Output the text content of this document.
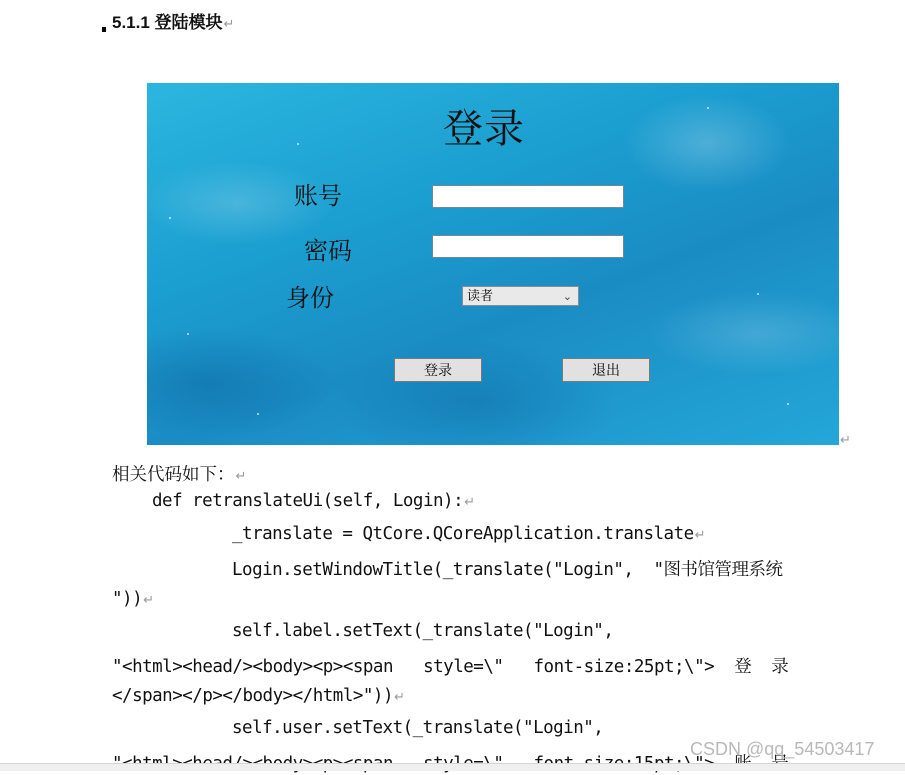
5.1.1 登陆模块↵
登录
账号
密码
身份	读者	⌄
登录	退出
↵
相关代码如下：↵
def retranslateUi(self, Login):↵
_translate = QtCore.QCoreApplication.translate↵
Login.setWindowTitle(_translate("Login",  "图书馆管理系统
"))↵
self.label.setText(_translate("Login",
"<html><head/><body><p><span   style=\"   font-size:25pt;\">  登  录
</span></p></body></html>"))↵
self.user.setText(_translate("Login",
CSDN @qq_54503417
